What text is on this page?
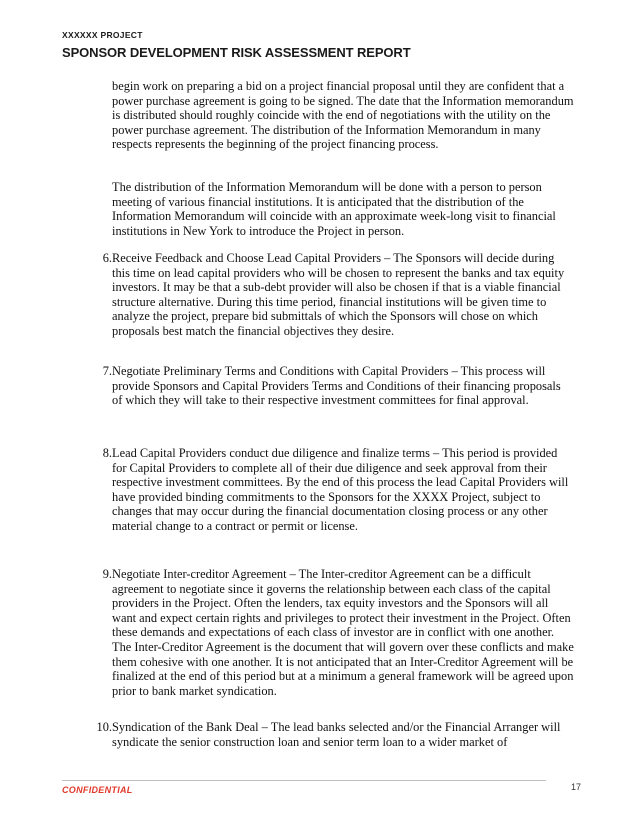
XXXXXX PROJECT
SPONSOR DEVELOPMENT RISK ASSESSMENT REPORT
begin work on preparing a bid on a project financial proposal until they are confident that a power purchase agreement is going to be signed. The date that the Information memorandum is distributed should roughly coincide with the end of negotiations with the utility on the power purchase agreement. The distribution of the Information Memorandum in many respects represents the beginning of the project financing process.
The distribution of the Information Memorandum will be done with a person to person meeting of various financial institutions. It is anticipated that the distribution of the Information Memorandum will coincide with an approximate week-long visit to financial institutions in New York to introduce the Project in person.
6. Receive Feedback and Choose Lead Capital Providers – The Sponsors will decide during this time on lead capital providers who will be chosen to represent the banks and tax equity investors. It may be that a sub-debt provider will also be chosen if that is a viable financial structure alternative. During this time period, financial institutions will be given time to analyze the project, prepare bid submittals of which the Sponsors will chose on which proposals best match the financial objectives they desire.
7. Negotiate Preliminary Terms and Conditions with Capital Providers – This process will provide Sponsors and Capital Providers Terms and Conditions of their financing proposals of which they will take to their respective investment committees for final approval.
8. Lead Capital Providers conduct due diligence and finalize terms – This period is provided for Capital Providers to complete all of their due diligence and seek approval from their respective investment committees. By the end of this process the lead Capital Providers will have provided binding commitments to the Sponsors for the XXXX Project, subject to changes that may occur during the financial documentation closing process or any other material change to a contract or permit or license.
9. Negotiate Inter-creditor Agreement – The Inter-creditor Agreement can be a difficult agreement to negotiate since it governs the relationship between each class of the capital providers in the Project. Often the lenders, tax equity investors and the Sponsors will all want and expect certain rights and privileges to protect their investment in the Project. Often these demands and expectations of each class of investor are in conflict with one another. The Inter-Creditor Agreement is the document that will govern over these conflicts and make them cohesive with one another. It is not anticipated that an Inter-Creditor Agreement will be finalized at the end of this period but at a minimum a general framework will be agreed upon prior to bank market syndication.
10. Syndication of the Bank Deal – The lead banks selected and/or the Financial Arranger will syndicate the senior construction loan and senior term loan to a wider market of
CONFIDENTIAL	17
